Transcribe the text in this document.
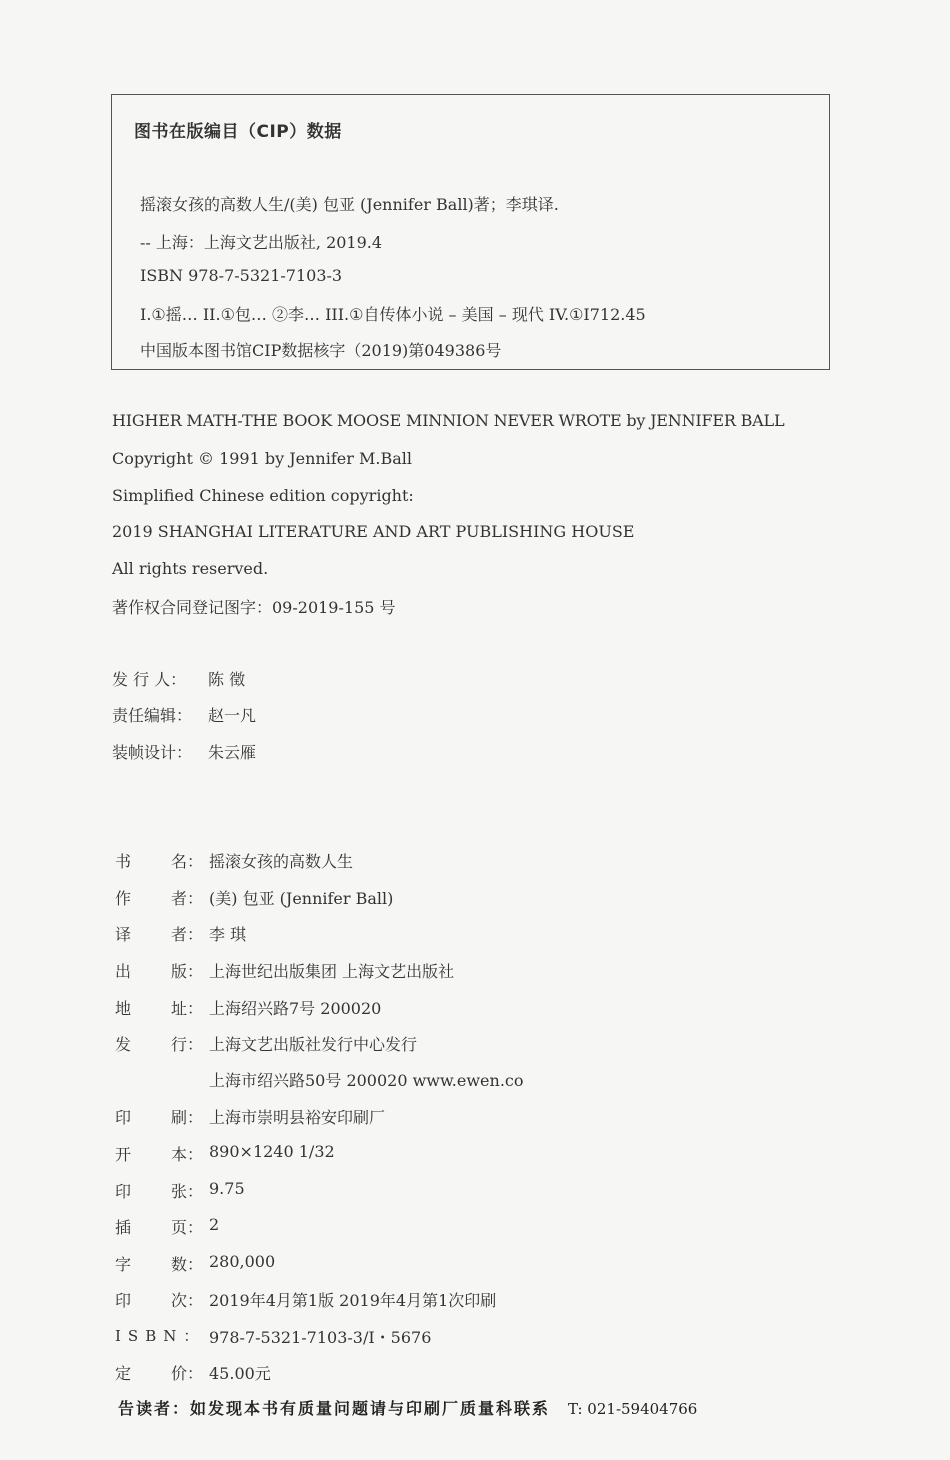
图书在版编目（CIP）数据
摇滚女孩的高数人生/(美) 包亚 (Jennifer Ball)著；李琪译.
-- 上海：上海文艺出版社, 2019.4
ISBN 978-7-5321-7103-3
I.①摇… II.①包… ②李… III.①自传体小说 – 美国 – 现代 IV.①I712.45
中国版本图书馆CIP数据核字（2019)第049386号
HIGHER MATH-THE BOOK MOOSE MINNION NEVER WROTE by JENNIFER BALL
Copyright © 1991 by Jennifer M.Ball
Simplified Chinese edition copyright:
2019 SHANGHAI LITERATURE AND ART PUBLISHING HOUSE
All rights reserved.
著作权合同登记图字：09-2019-155 号
发 行 人： 陈 徵
责任编辑： 赵一凡
装帧设计： 朱云雁
书 名： 摇滚女孩的高数人生
作 者： (美) 包亚 (Jennifer Ball)
译 者： 李 琪
出 版： 上海世纪出版集团 上海文艺出版社
地 址： 上海绍兴路7号 200020
发 行： 上海文艺出版社发行中心发行
上海市绍兴路50号 200020 www.ewen.co
印 刷： 上海市崇明县裕安印刷厂
开 本： 890×1240 1/32
印 张： 9.75
插 页： 2
字 数： 280,000
印 次： 2019年4月第1版 2019年4月第1次印刷
ISBN： 978-7-5321-7103-3/I・5676
定 价： 45.00元
告读者：如发现本书有质量问题请与印刷厂质量科联系 T: 021-59404766
